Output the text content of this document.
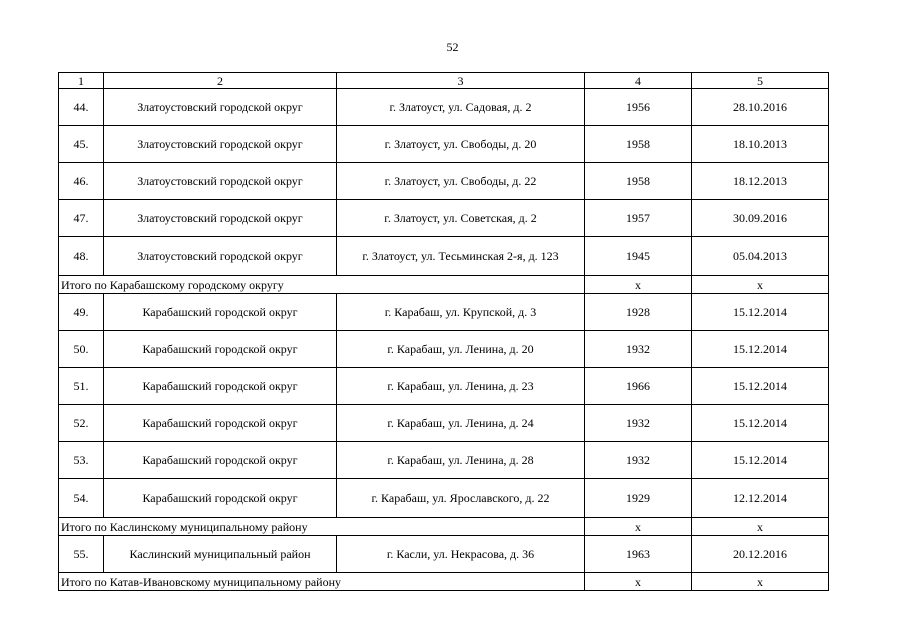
52
1	2	3	4	5
44.	Златоустовский городской округ	г. Златоуст, ул. Садовая, д. 2	1956	28.10.2016
45.	Златоустовский городской округ	г. Златоуст, ул. Свободы, д. 20	1958	18.10.2013
46.	Златоустовский городской округ	г. Златоуст, ул. Свободы, д. 22	1958	18.12.2013
47.	Златоустовский городской округ	г. Златоуст, ул. Советская, д. 2	1957	30.09.2016
48.	Златоустовский городской округ	г. Златоуст, ул. Тесьминская 2-я, д. 123	1945	05.04.2013
Итого по Карабашскому городскому округу			х	х
49.	Карабашский городской округ	г. Карабаш, ул. Крупской, д. 3	1928	15.12.2014
50.	Карабашский городской округ	г. Карабаш, ул. Ленина, д. 20	1932	15.12.2014
51.	Карабашский городской округ	г. Карабаш, ул. Ленина, д. 23	1966	15.12.2014
52.	Карабашский городской округ	г. Карабаш, ул. Ленина, д. 24	1932	15.12.2014
53.	Карабашский городской округ	г. Карабаш, ул. Ленина, д. 28	1932	15.12.2014
54.	Карабашский городской округ	г. Карабаш, ул. Ярославского, д. 22	1929	12.12.2014
Итого по Каслинскому муниципальному району			х	х
55.	Каслинский муниципальный район	г. Касли, ул. Некрасова, д. 36	1963	20.12.2016
Итого по Катав-Ивановскому муниципальному району			х	х
